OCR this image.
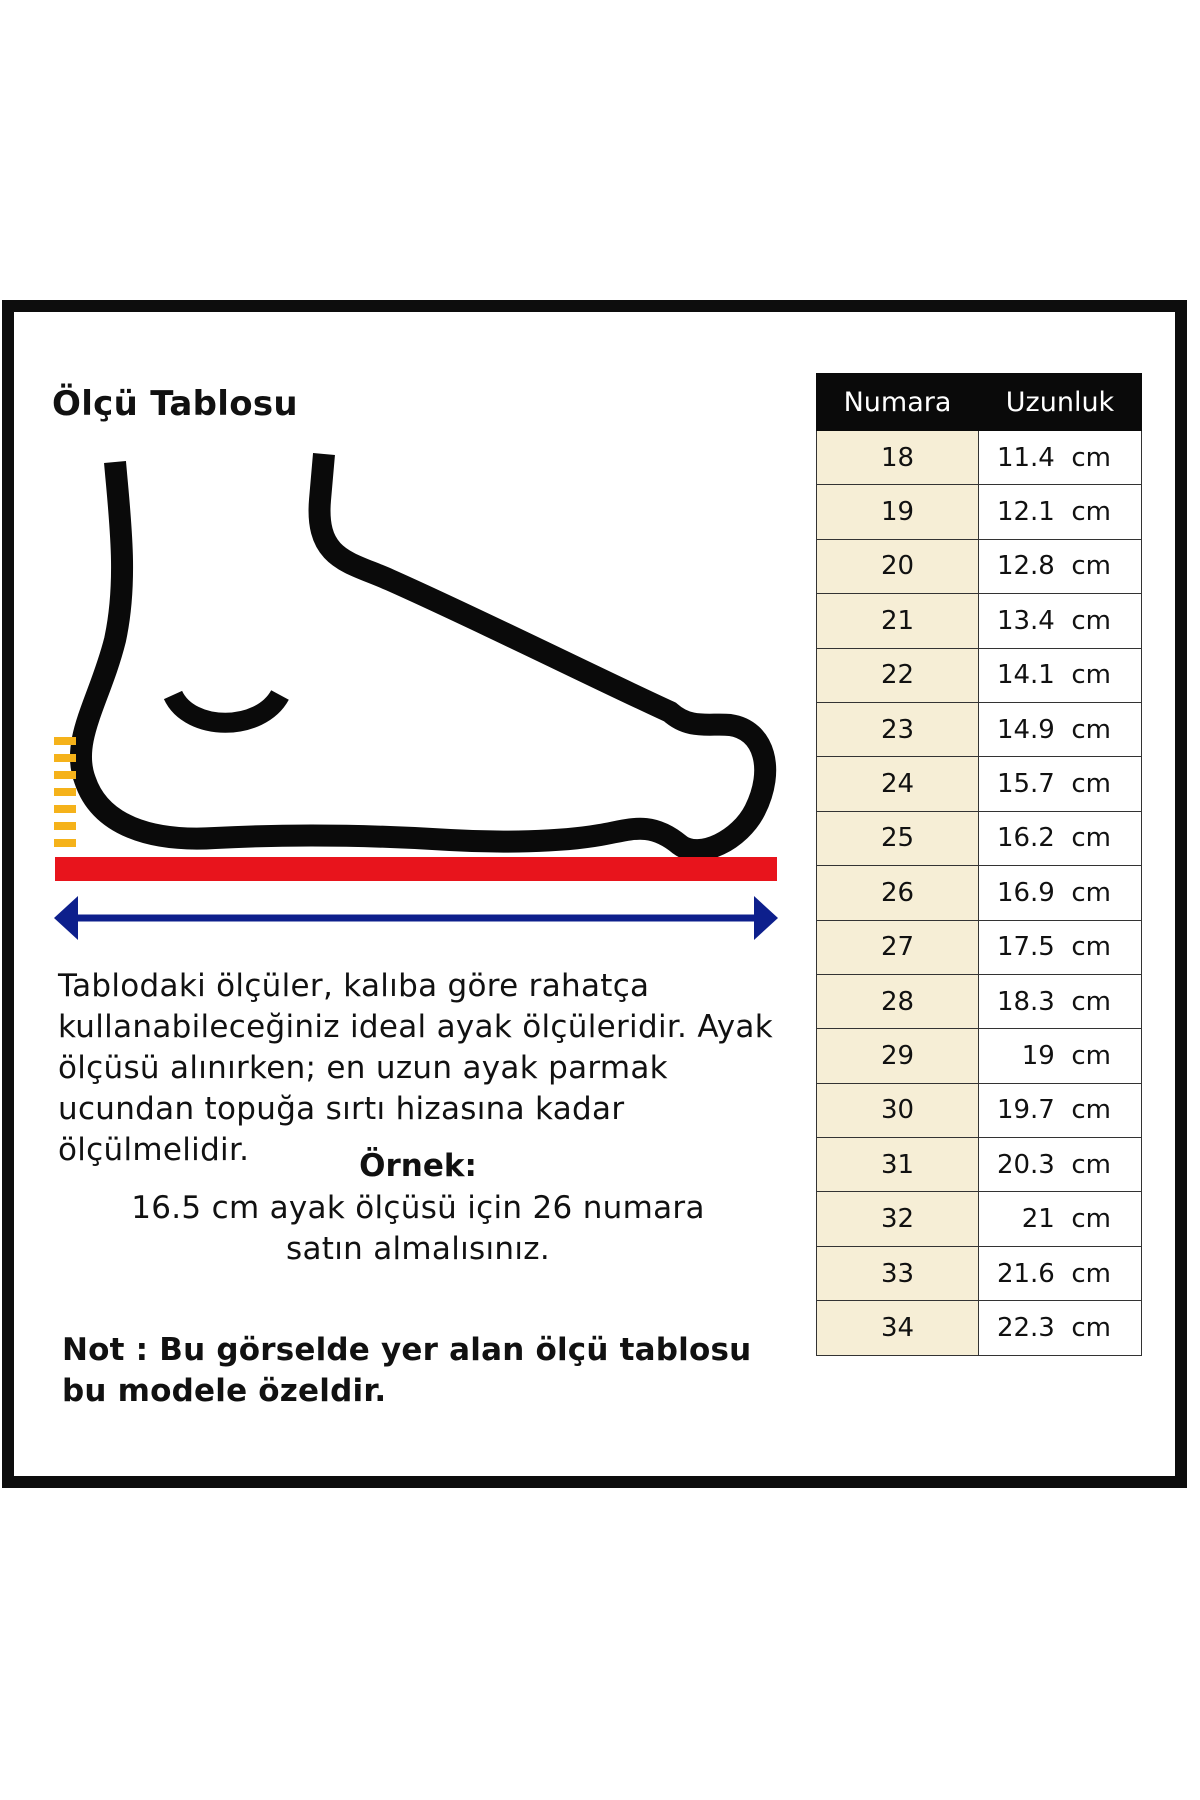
Ölçü Tablosu
Tablodaki ölçüler, kalıba göre rahatça kullanabileceğiniz ideal ayak ölçüleridir. Ayak ölçüsü alınırken; en uzun ayak parmak ucundan topuğa sırtı hizasına kadar ölçülmelidir.	Örnek:
16.5 cm ayak ölçüsü için 26 numara
satın almalısınız.
Not : Bu görselde yer alan ölçü tablosu bu modele özeldir.
Numara	Uzunluk
18	11.4  cm
19	12.1  cm
20	12.8  cm
21	13.4  cm
22	14.1  cm
23	14.9  cm
24	15.7  cm
25	16.2  cm
26	16.9  cm
27	17.5  cm
28	18.3  cm
29	19  cm
30	19.7  cm
31	20.3  cm
32	21  cm
33	21.6  cm
34	22.3  cm
